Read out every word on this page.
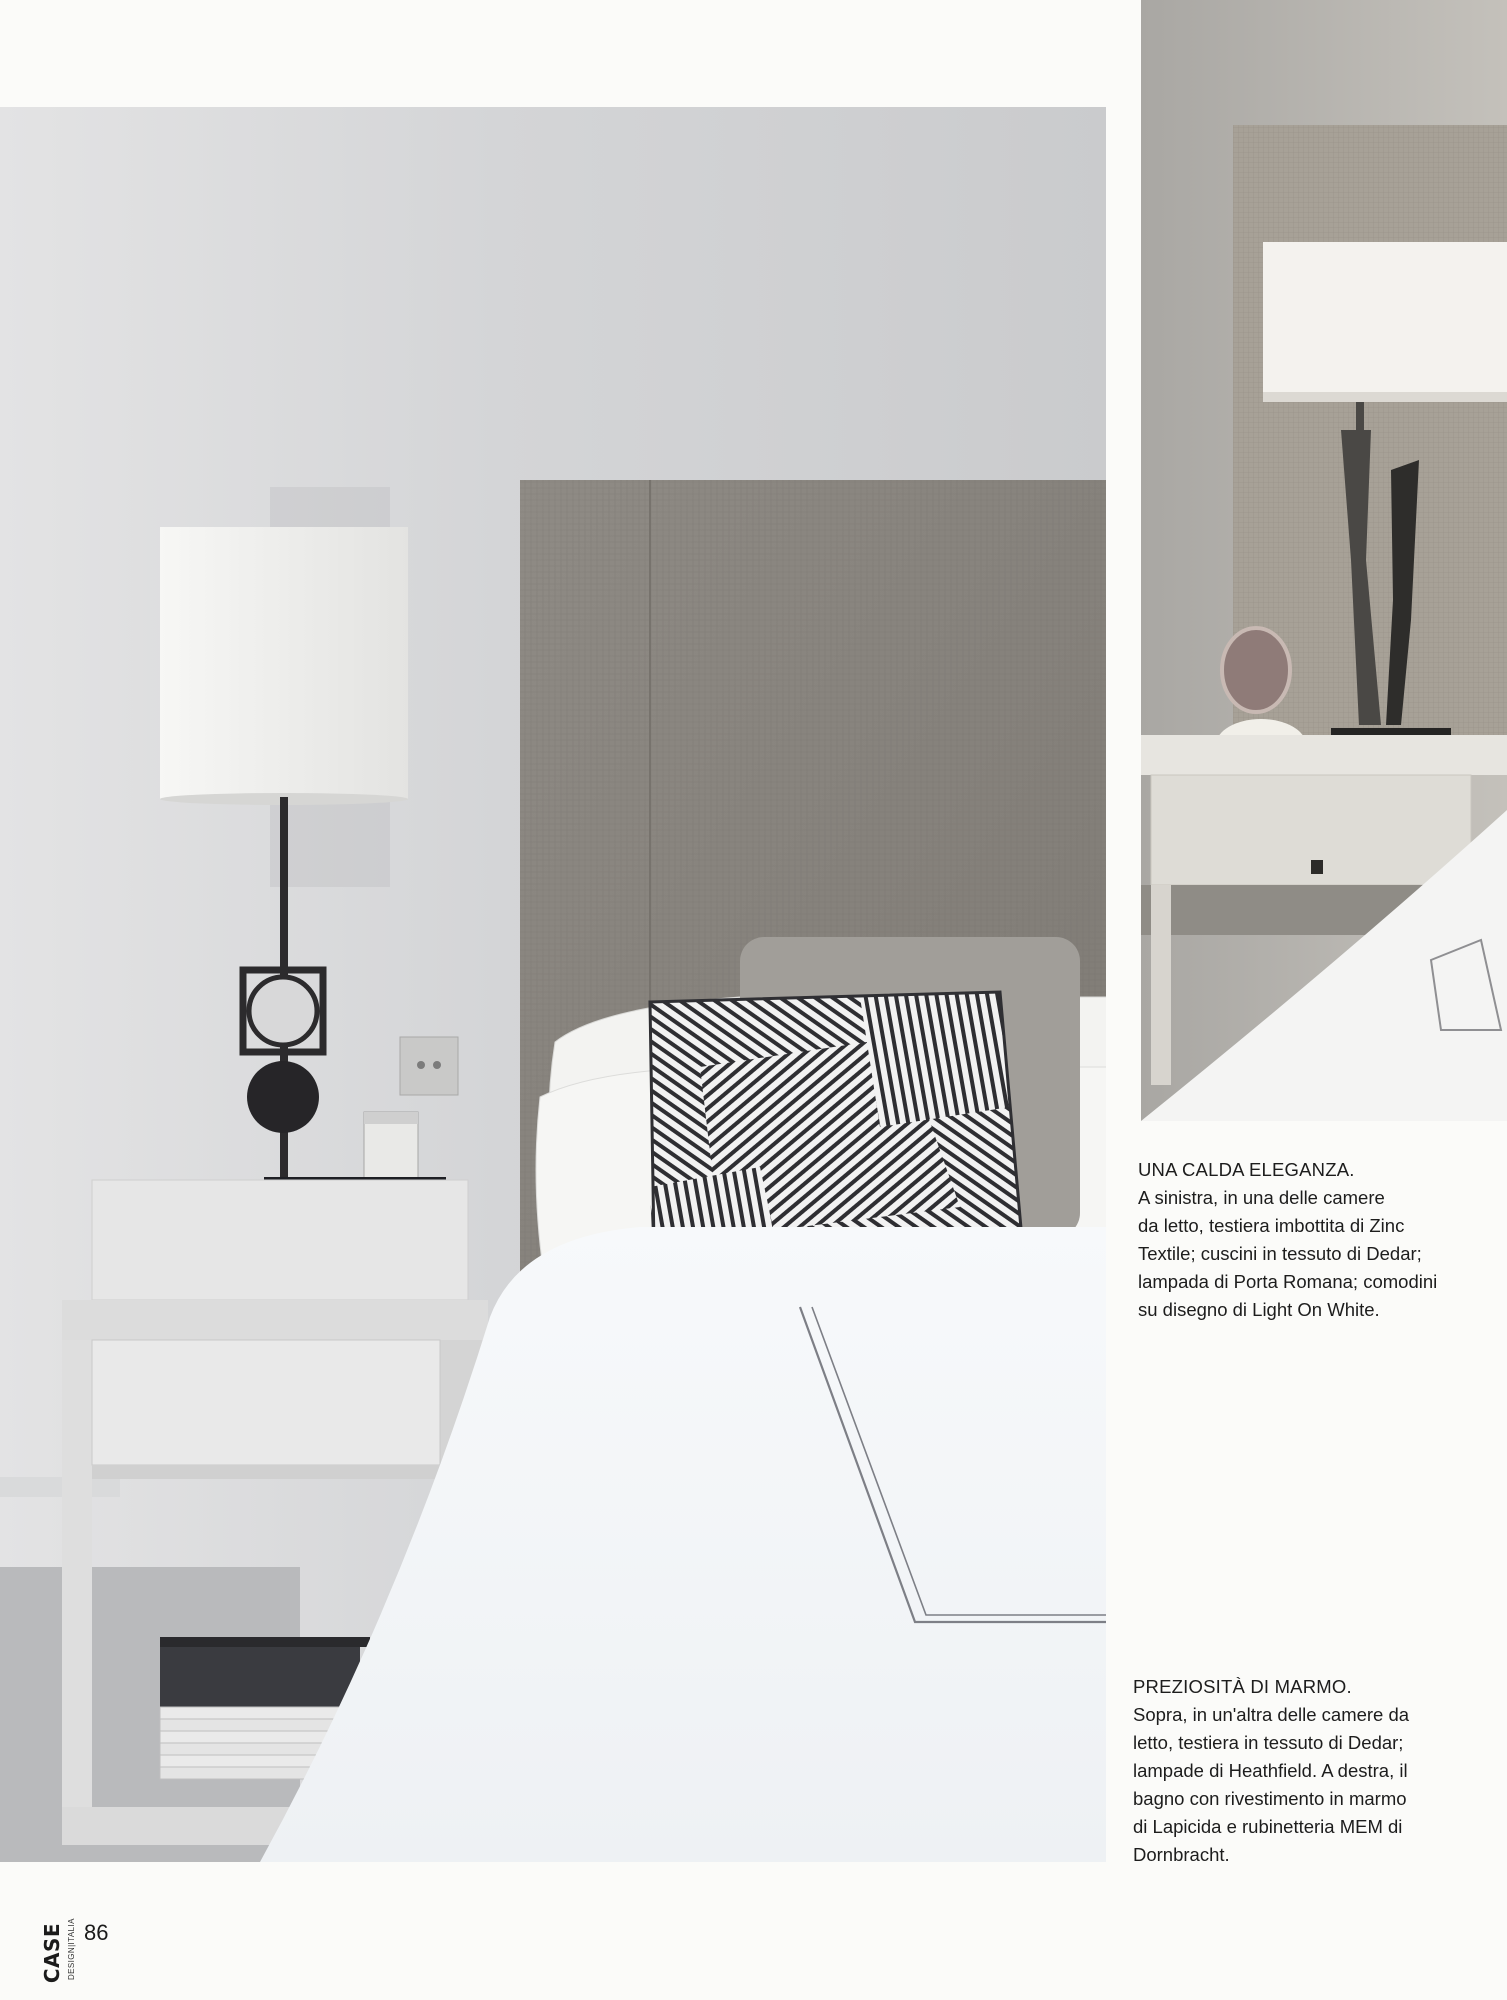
UNA CALDA ELEGANZA.
A sinistra, in una delle camere
da letto, testiera imbottita di Zinc
Textile; cuscini in tessuto di Dedar;
lampada di Porta Romana; comodini
su disegno di Light On White.
PREZIOSITÀ DI MARMO.
Sopra, in un'altra delle camere da
letto, testiera in tessuto di Dedar;
lampade di Heathfield. A destra, il
bagno con rivestimento in marmo
di Lapicida e rubinetteria MEM di
Dornbracht.
CASE DESIGN|ITALIA 86
